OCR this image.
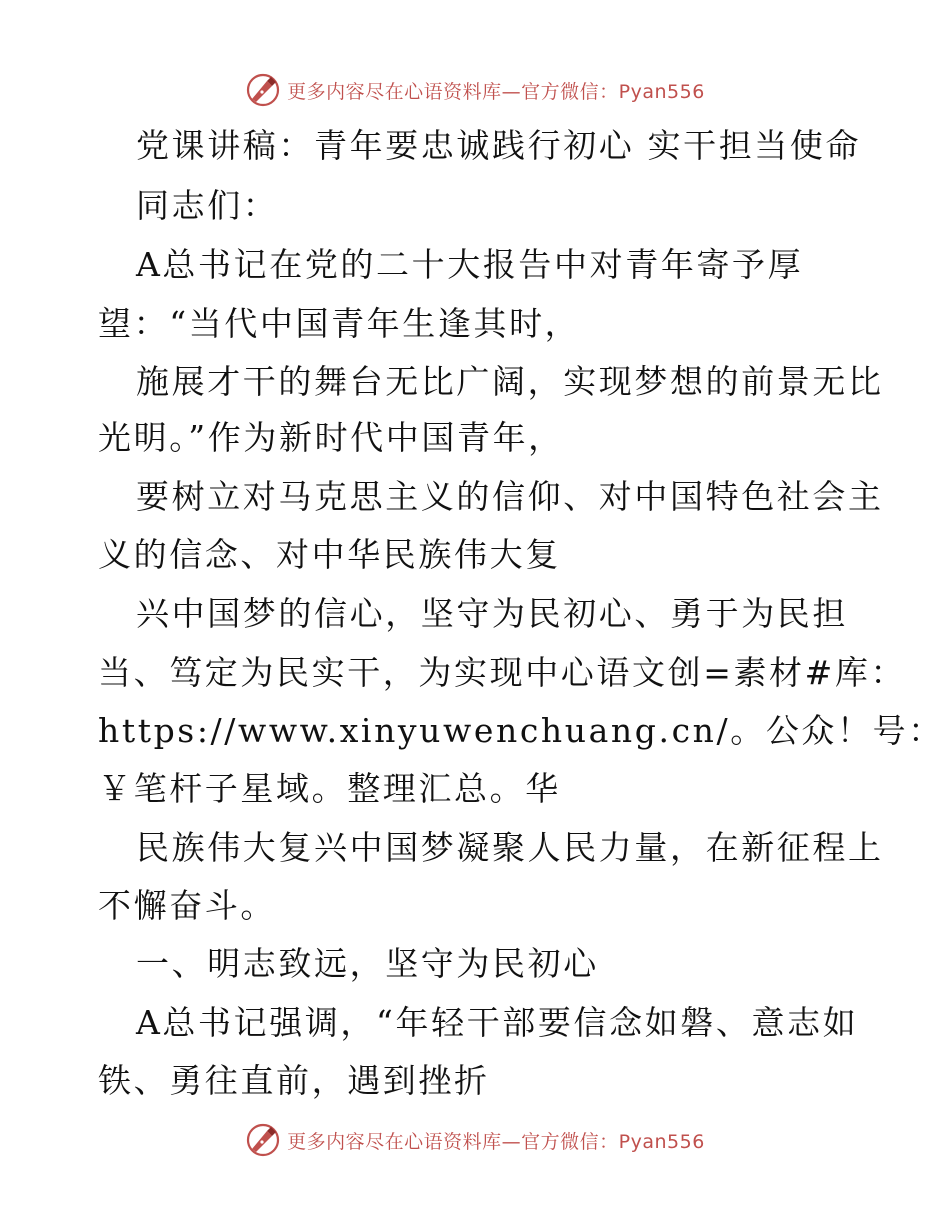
更多内容尽在心语资料库—官方微信：Pyan556
党课讲稿：青年要忠诚践行初心 实干担当使命
同志们：
A总书记在党的二十大报告中对青年寄予厚
望：“当代中国青年生逢其时，
施展才干的舞台无比广阔，实现梦想的前景无比
光明。”作为新时代中国青年，
要树立对马克思主义的信仰、对中国特色社会主
义的信念、对中华民族伟大复
兴中国梦的信心，坚守为民初心、勇于为民担
当、笃定为民实干，为实现中心语文创=素材#库：
https://www.xinyuwenchuang.cn/。公众！号：
￥笔杆子星域。整理汇总。华
民族伟大复兴中国梦凝聚人民力量，在新征程上
不懈奋斗。
一、明志致远，坚守为民初心
A总书记强调，“年轻干部要信念如磐、意志如
铁、勇往直前，遇到挫折
更多内容尽在心语资料库—官方微信：Pyan556
